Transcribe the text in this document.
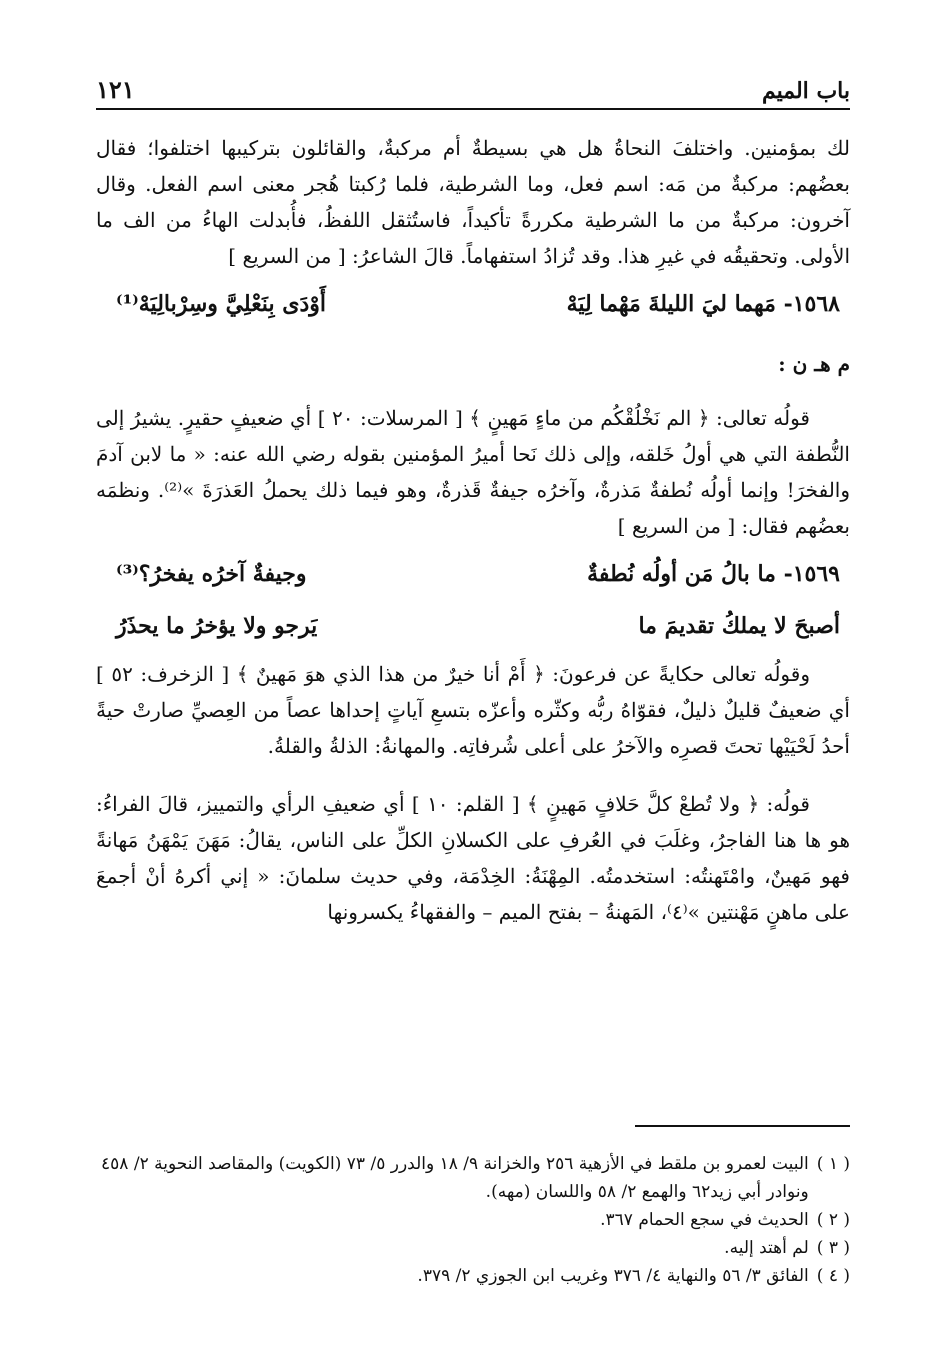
باب الميم
١٢١

لك بمؤمنين. واختلفَ النحاةُ هل هي بسيطةٌ أم مركبةٌ، والقائلون بتركيبها اختلفوا؛ فقال بعضُهم: مركبةٌ من مَه: اسم فعل، وما الشرطية، فلما رُكبتا هُجر معنى اسم الفعل. وقال آخرون: مركبةٌ من ما الشرطية مكررةً تأكيداً، فاستُثقل اللفظُ، فأُبدلت الهاءُ من الف ما الأولى. وتحقيقُه في غيرِ هذا. وقد تُزادُ استفهاماً. قالَ الشاعرُ: [ من السريع ]

١٥٦٨- مَهما ليَ الليلةَ مَهْما لِيَهْ
أَوْدَى بِنَعْلِيَّ وسِرْبالِيَهْ⁽¹⁾
م هـ ن :

قولُه تعالى: ﴿ الم نَخْلُقْكُم من ماءٍ مَهينٍ ﴾ [ المرسلات: ٢٠ ] أي ضعيفٍ حقيرٍ. يشيرُ إلى النُّطفة التي هي أولُ خَلقه، وإلى ذلك نَحا أميرُ المؤمنين بقوله رضي الله عنه: « ما لابن آدمَ والفخرَ! وإنما أولُه نُطفةٌ مَذرةٌ، وآخرُه جيفةٌ قَذرةٌ، وهو فيما ذلك يحملُ العَذرَةَ »⁽²⁾. ونظمَه بعضُهم فقال: [ من السريع ]

١٥٦٩- ما بالُ مَن أولُه نُطفةٌ
وجيفةٌ آخرُه يفخرُ؟⁽³⁾
أصبحَ لا يملكُ تقديمَ ما
يَرجو ولا يؤخرُ ما يحذَرُ

وقولُه تعالى حكايةً عن فرعونَ: ﴿ أَمْ أنا خيرٌ من هذا الذي هوَ مَهينٌ ﴾ [ الزخرف: ٥٢ ] أي ضعيفٌ قليلٌ ذليلٌ، فقوّاهُ ربُّه وكثّره وأعزّه بتسعِ آياتٍ إحداها عصاً من العِصيِّ صارتْ حيةً أحدُ لَحْيَيْها تحتَ قصرِه والآخرُ على أعلى شُرفاتِه. والمهانةُ: الذلةُ والقلةُ.

قولُه: ﴿ ولا تُطعْ كلَّ حَلافٍ مَهينٍ ﴾ [ القلم: ١٠ ] أي ضعيفِ الرأي والتمييز، قالَ الفراءُ: هو ها هنا الفاجرُ، وغلَبَ في العُرفِ على الكسلانِ الكلِّ على الناس، يقالُ: مَهَنَ يَمْهَنُ مَهانةً فهو مَهينٌ، وامْتَهنتُه: استخدمتُه. المِهْنَةُ: الخِدْمَة، وفي حديث سلمانَ: « إني أكرهُ أنْ أجمعَ على ماهنٍ مَهْنتين »⁽٤⁾، المَهنةُ – بفتح الميم – والفقهاءُ يكسرونها

( ١ )
البيت لعمرو بن ملقط في الأزهية ٢٥٦ والخزانة ٩/ ١٨ والدرر ٥/ ٧٣ (الكويت) والمقاصد النحوية ٢/ ٤٥٨ ونوادر أبي زيد٦٢ والهمع ٢/ ٥٨ واللسان (مهه).

( ٢ )
الحديث في سجع الحمام ٣٦٧.

( ٣ )
لم أهتد إليه.

( ٤ )
الفائق ٣/ ٥٦ والنهاية ٤/ ٣٧٦ وغريب ابن الجوزي ٢/ ٣٧٩.
